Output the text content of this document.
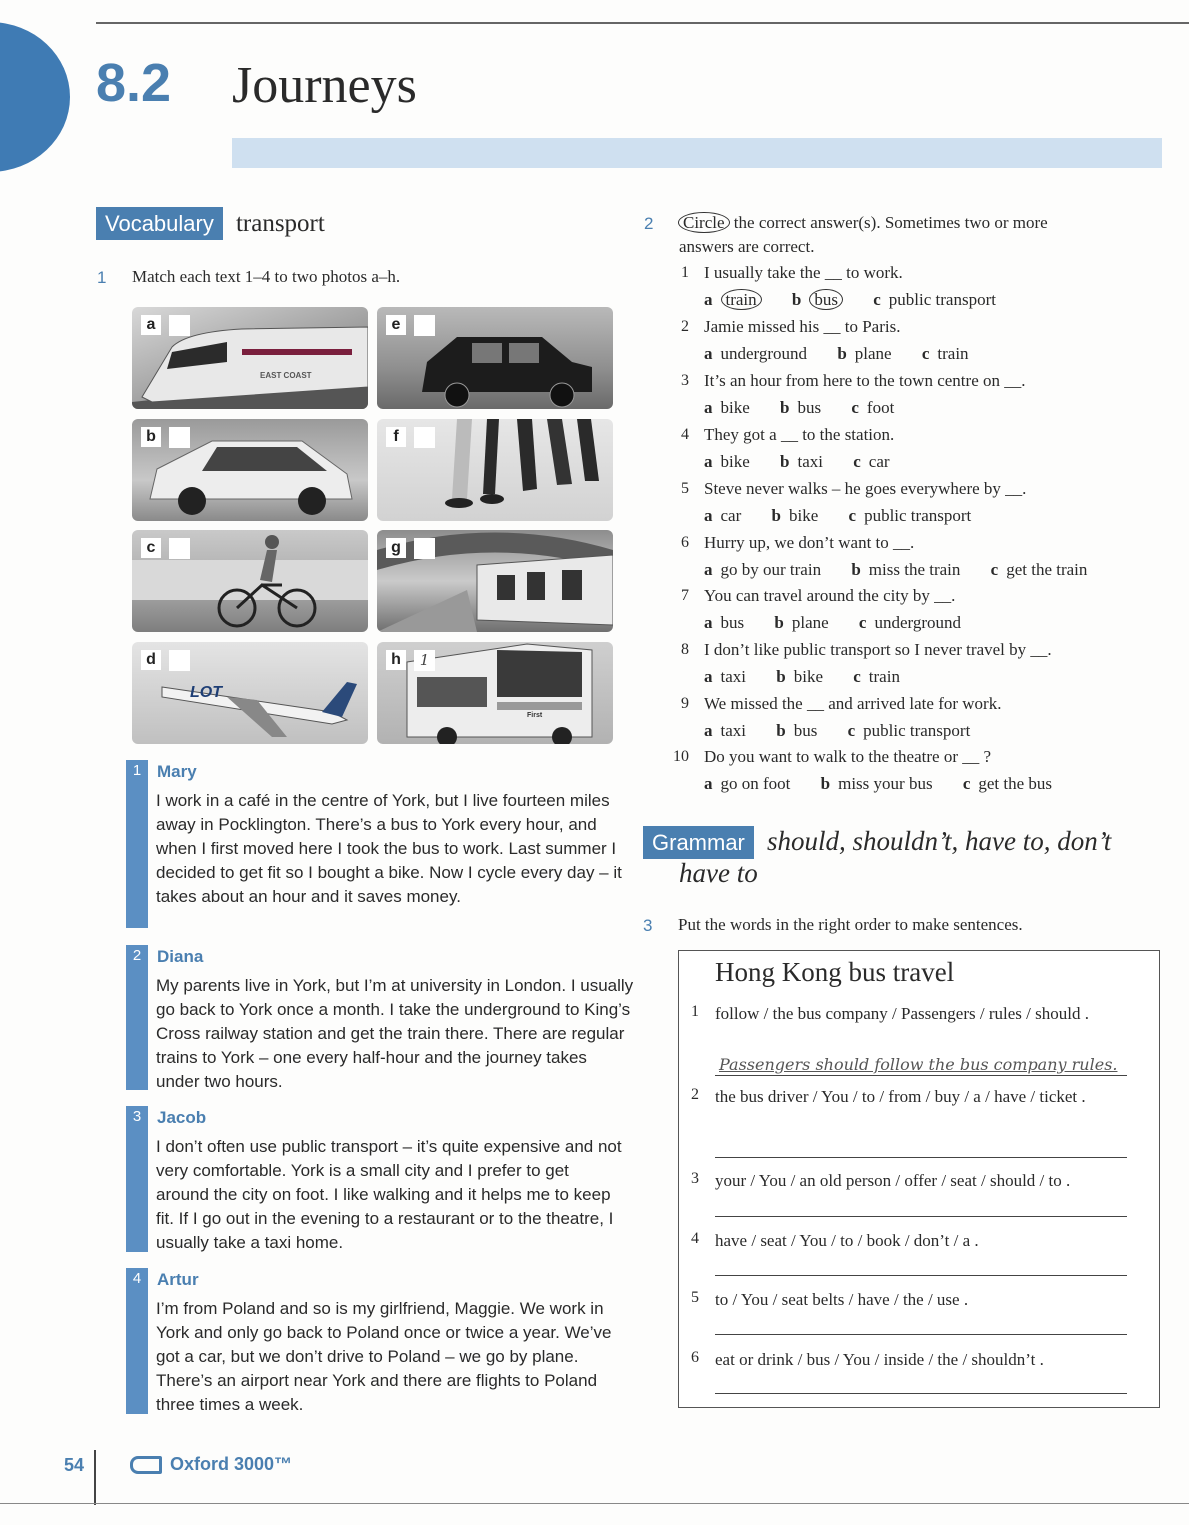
8.2 Journeys
Vocabulary transport
1 Match each text 1–4 to two photos a–h.
a
EAST COAST
e
b	f
c	g
d
LOT
h	1
First
1 Mary
I work in a café in the centre of York, but I live fourteen miles away in Pocklington. There’s a bus to York every hour, and when I first moved here I took the bus to work. Last summer I decided to get fit so I bought a bike. Now I cycle every day – it takes about an hour and it saves money.
2 Diana
My parents live in York, but I’m at university in London. I usually go back to York once a month. I take the underground to King’s Cross railway station and get the train there. There are regular trains to York – one every half-hour and the journey takes under two hours.
3 Jacob
I don’t often use public transport – it’s quite expensive and not very comfortable. York is a small city and I prefer to get around the city on foot. I like walking and it helps me to keep fit. If I go out in the evening to a restaurant or to the theatre, I usually take a taxi home.
4 Artur
I’m from Poland and so is my girlfriend, Maggie. We work in York and only go back to Poland once or twice a year. We’ve got a car, but we don’t drive to Poland – we go by plane. There’s an airport near York and there are flights to Poland three times a week.
2 Circle the correct answer(s). Sometimes two or more
answers are correct.
1 I usually take the __ to work.
a train b bus c public transport
2 Jamie missed his __ to Paris.
a underground b plane c train
3 It’s an hour from here to the town centre on __.
a bike b bus c foot
4 They got a __ to the station.
a bike b taxi c car
5 Steve never walks – he goes everywhere by __.
a car b bike c public transport
6 Hurry up, we don’t want to __.
a go by our train b miss the train c get the train
7 You can travel around the city by __.
a bus b plane c underground
8 I don’t like public transport so I never travel by __.
a taxi b bike c train
9 We missed the __ and arrived late for work.
a taxi b bus c public transport
10 Do you want to walk to the theatre or __ ?
a go on foot b miss your bus c get the bus
Grammar should, shouldn’t, have to, don’t
have to
3 Put the words in the right order to make sentences.
Hong Kong bus travel
1 follow / the bus company / Passengers / rules / should .
Passengers should follow the bus company rules.
2 the bus driver / You / to / from / buy / a / have / ticket .
3 your / You / an old person / offer / seat / should / to .
4 have / seat / You / to / book / don’t / a .
5 to / You / seat belts / have / the / use .
6 eat or drink / bus / You / inside / the / shouldn’t .
54	Oxford 3000™
